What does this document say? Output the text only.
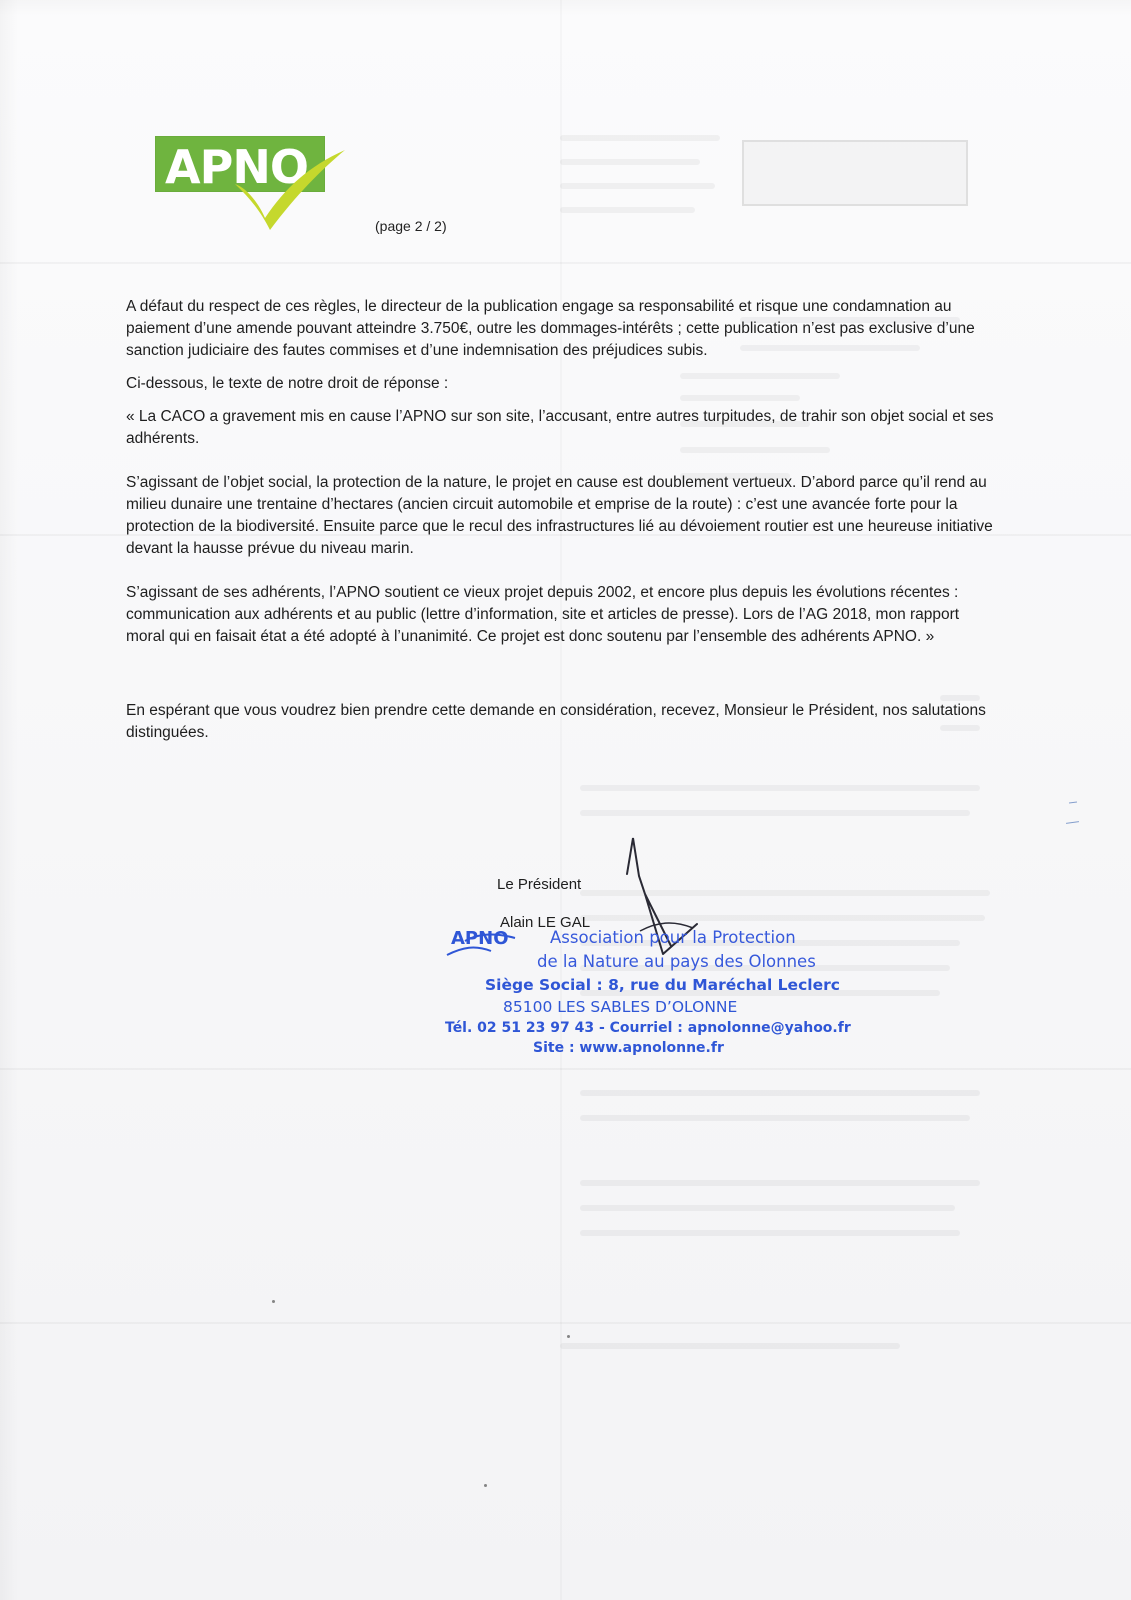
APNO
(page 2 / 2)

A défaut du respect de ces règles, le directeur de la publication engage sa responsabilité et risque une condamnation au paiement d’une amende pouvant atteindre 3.750€, outre les dommages-intérêts ; cette publication n’est pas exclusive d’une sanction judiciaire des fautes commises et d’une indemnisation des préjudices subis.

Ci-dessous, le texte de notre droit de réponse :

« La CACO a gravement mis en cause l’APNO sur son site, l’accusant, entre autres turpitudes, de trahir son objet social et ses adhérents.

S’agissant de l’objet social, la protection de la nature, le projet en cause est doublement vertueux. D’abord parce qu’il rend au milieu dunaire une trentaine d’hectares (ancien circuit automobile et emprise de la route) : c’est une avancée forte pour la protection de la biodiversité. Ensuite parce que le recul des infrastructures lié au dévoiement routier est une heureuse initiative devant la hausse prévue du niveau marin.

S’agissant de ses adhérents, l’APNO soutient ce vieux projet depuis 2002, et encore plus depuis les évolutions récentes : communication aux adhérents et au public (lettre d’information, site et articles de presse). Lors de l’AG 2018, mon rapport moral qui en faisait état a été adopté à l’unanimité. Ce projet est donc soutenu par l’ensemble des adhérents APNO. »

En espérant que vous voudrez bien prendre cette demande en considération, recevez, Monsieur le Président, nos salutations distinguées.

Le Président
Alain LE GAL
APNO	Association pour la Protection
de la Nature au pays des Olonnes
Siège Social : 8, rue du Maréchal Leclerc
85100 LES SABLES D’OLONNE
Tél. 02 51 23 97 43 - Courriel : apnolonne@yahoo.fr
Site : www.apnolonne.fr
